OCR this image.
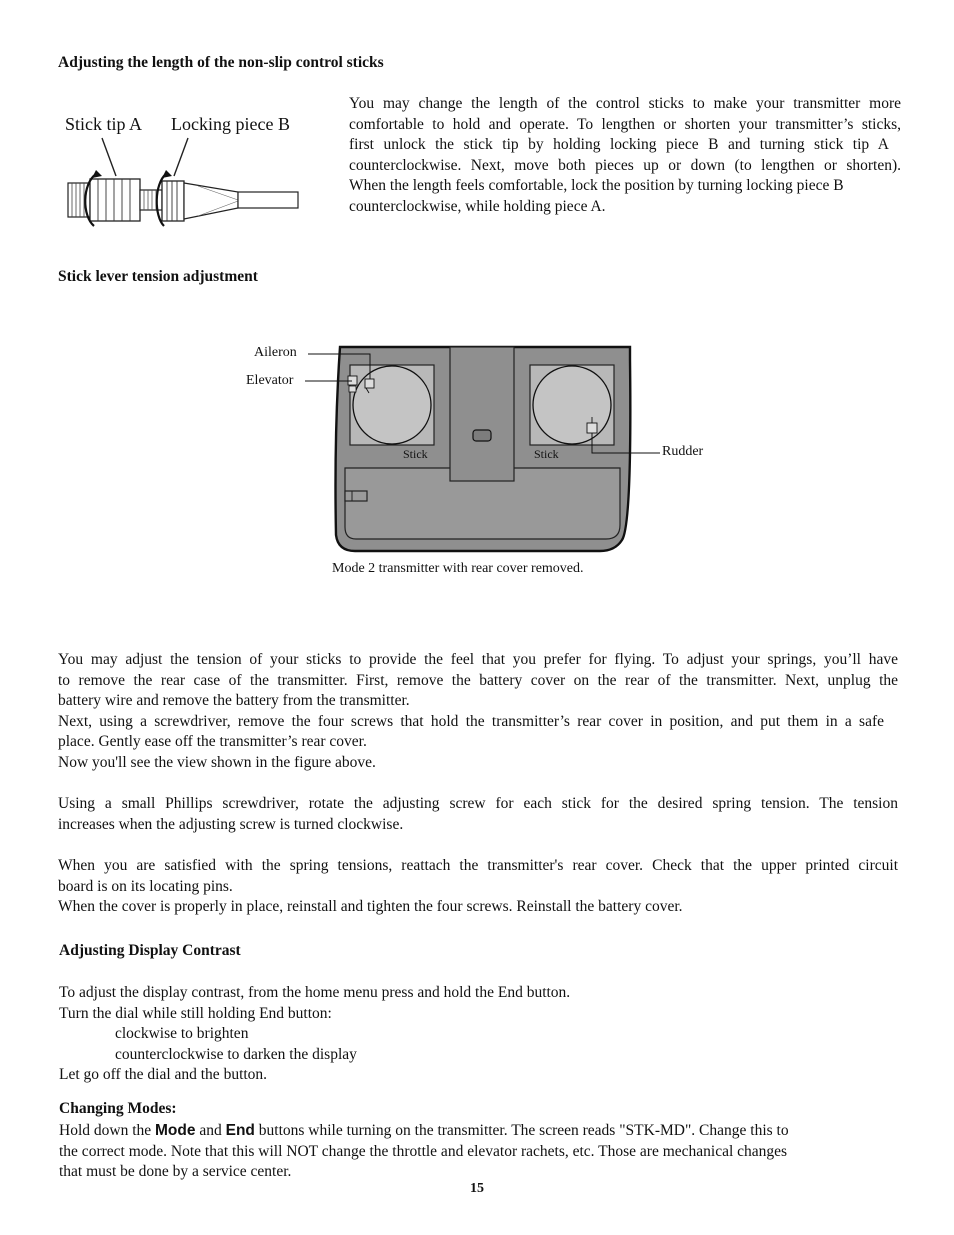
Adjusting the length of the non-slip control sticks
Stick tip A Locking piece B
You may change the length of the control sticks to make your transmitter more
comfortable to hold and operate. To lengthen or shorten your transmitter’s sticks,
first unlock the stick tip by holding locking piece B and turning stick tip A
counterclockwise. Next, move both pieces up or down (to lengthen or shorten).
When the length feels comfortable, lock the position by turning locking piece B
counterclockwise, while holding piece A.
Stick lever tension adjustment
Aileron
Elevator
Rudder
Stick	Stick
Mode 2 transmitter with rear cover removed.
You may adjust the tension of your sticks to provide the feel that you prefer for flying. To adjust your springs, you’ll have
to remove the rear case of the transmitter. First, remove the battery cover on the rear of the transmitter. Next, unplug the
battery wire and remove the battery from the transmitter.
Next, using a screwdriver, remove the four screws that hold the transmitter’s rear cover in position, and put them in a safe
place. Gently ease off the transmitter’s rear cover.
Now you'll see the view shown in the figure above.
Using a small Phillips screwdriver, rotate the adjusting screw for each stick for the desired spring tension. The tension
increases when the adjusting screw is turned clockwise.
When you are satisfied with the spring tensions, reattach the transmitter's rear cover. Check that the upper printed circuit
board is on its locating pins.
When the cover is properly in place, reinstall and tighten the four screws. Reinstall the battery cover.
Adjusting Display Contrast
To adjust the display contrast, from the home menu press and hold the End button.
Turn the dial while still holding End button:
clockwise to brighten
counterclockwise to darken the display
Let go off the dial and the button.
Changing Modes:
Hold down the Mode and End buttons while turning on the transmitter. The screen reads "STK-MD". Change this to
the correct mode. Note that this will NOT change the throttle and elevator rachets, etc. Those are mechanical changes
that must be done by a service center.
15
